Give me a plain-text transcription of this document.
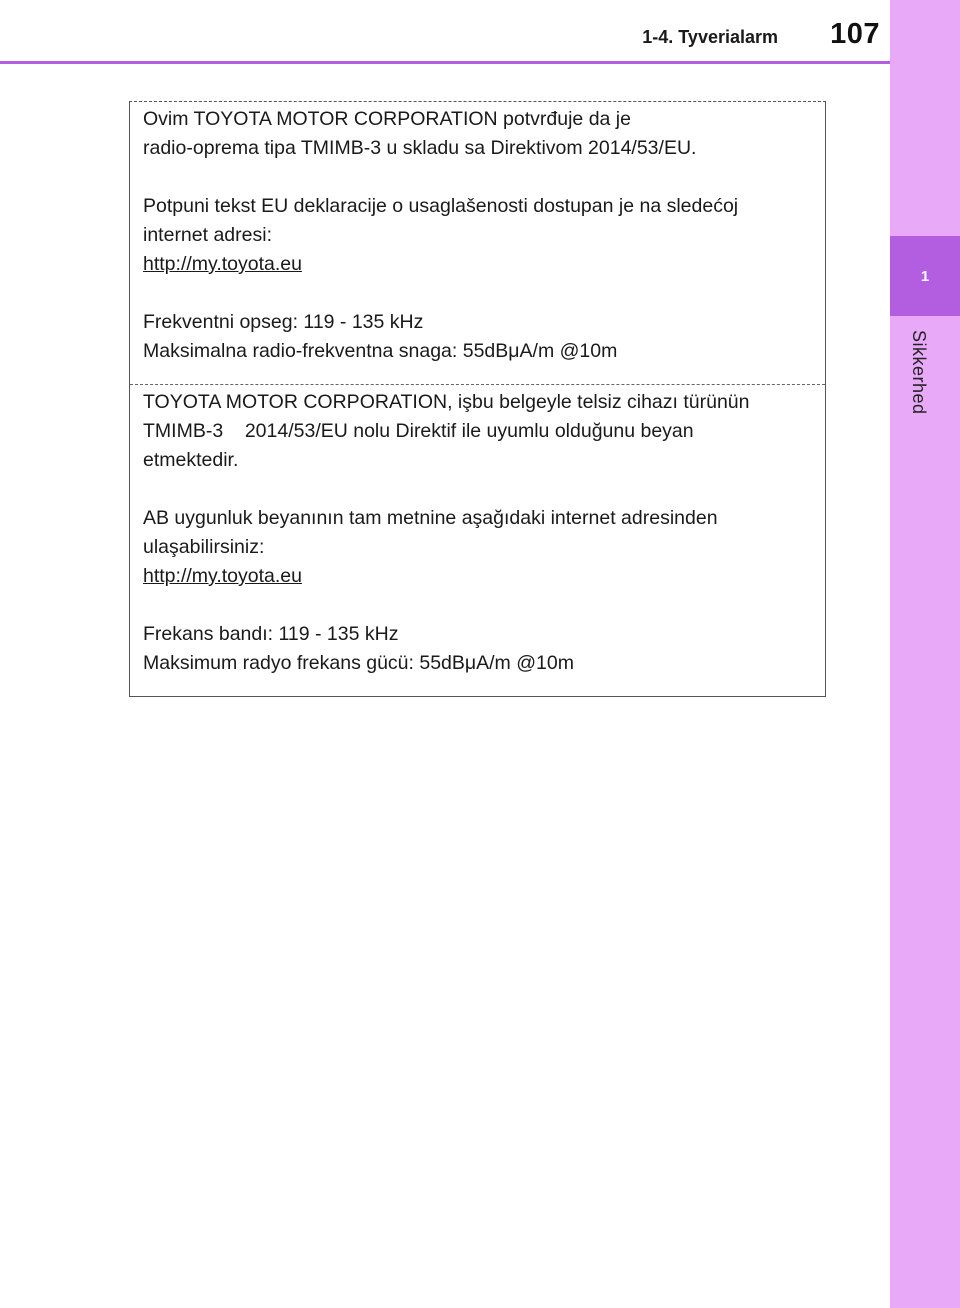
1
Sikkerhed
1-4. Tyverialarm	107
Ovim TOYOTA MOTOR CORPORATION potvrđuje da je
radio-oprema tipa TMIMB-3 u skladu sa Direktivom 2014/53/EU.
Potpuni tekst EU deklaracije o usaglašenosti dostupan je na sledećoj
internet adresi:
http://my.toyota.eu
Frekventni opseg: 119 - 135 kHz
Maksimalna radio-frekventna snaga: 55dBμA/m @10m
TOYOTA MOTOR CORPORATION, işbu belgeyle telsiz cihazı türünün
TMIMB-3    2014/53/EU nolu Direktif ile uyumlu olduğunu beyan
etmektedir.
AB uygunluk beyanının tam metnine aşağıdaki internet adresinden
ulaşabilirsiniz:
http://my.toyota.eu
Frekans bandı: 119 - 135 kHz
Maksimum radyo frekans gücü: 55dBμA/m @10m
